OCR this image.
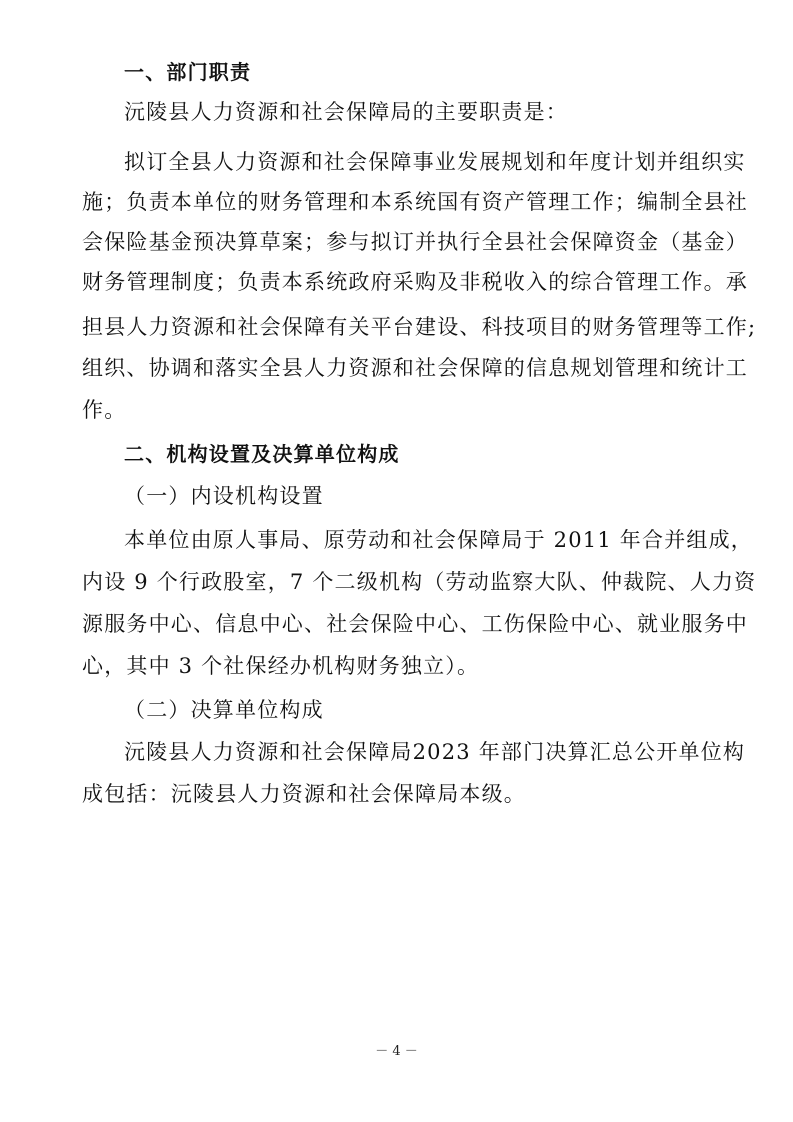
一、部门职责
沅陵县人力资源和社会保障局的主要职责是：
拟订全县人力资源和社会保障事业发展规划和年度计划并组织实
施；负责本单位的财务管理和本系统国有资产管理工作；编制全县社
会保险基金预决算草案；参与拟订并执行全县社会保障资金（基金）
财务管理制度；负责本系统政府采购及非税收入的综合管理工作。承
担县人力资源和社会保障有关平台建设、科技项目的财务管理等工作;
组织、协调和落实全县人力资源和社会保障的信息规划管理和统计工
作。
二、机构设置及决算单位构成
（一）内设机构设置
本单位由原人事局、原劳动和社会保障局于 2011 年合并组成，
内设 9 个行政股室，7 个二级机构（劳动监察大队、仲裁院、人力资
源服务中心、信息中心、社会保险中心、工伤保险中心、就业服务中
心，其中 3 个社保经办机构财务独立）。
（二）决算单位构成
沅陵县人力资源和社会保障局2023 年部门决算汇总公开单位构
成包括：沅陵县人力资源和社会保障局本级。
－ 4 －
